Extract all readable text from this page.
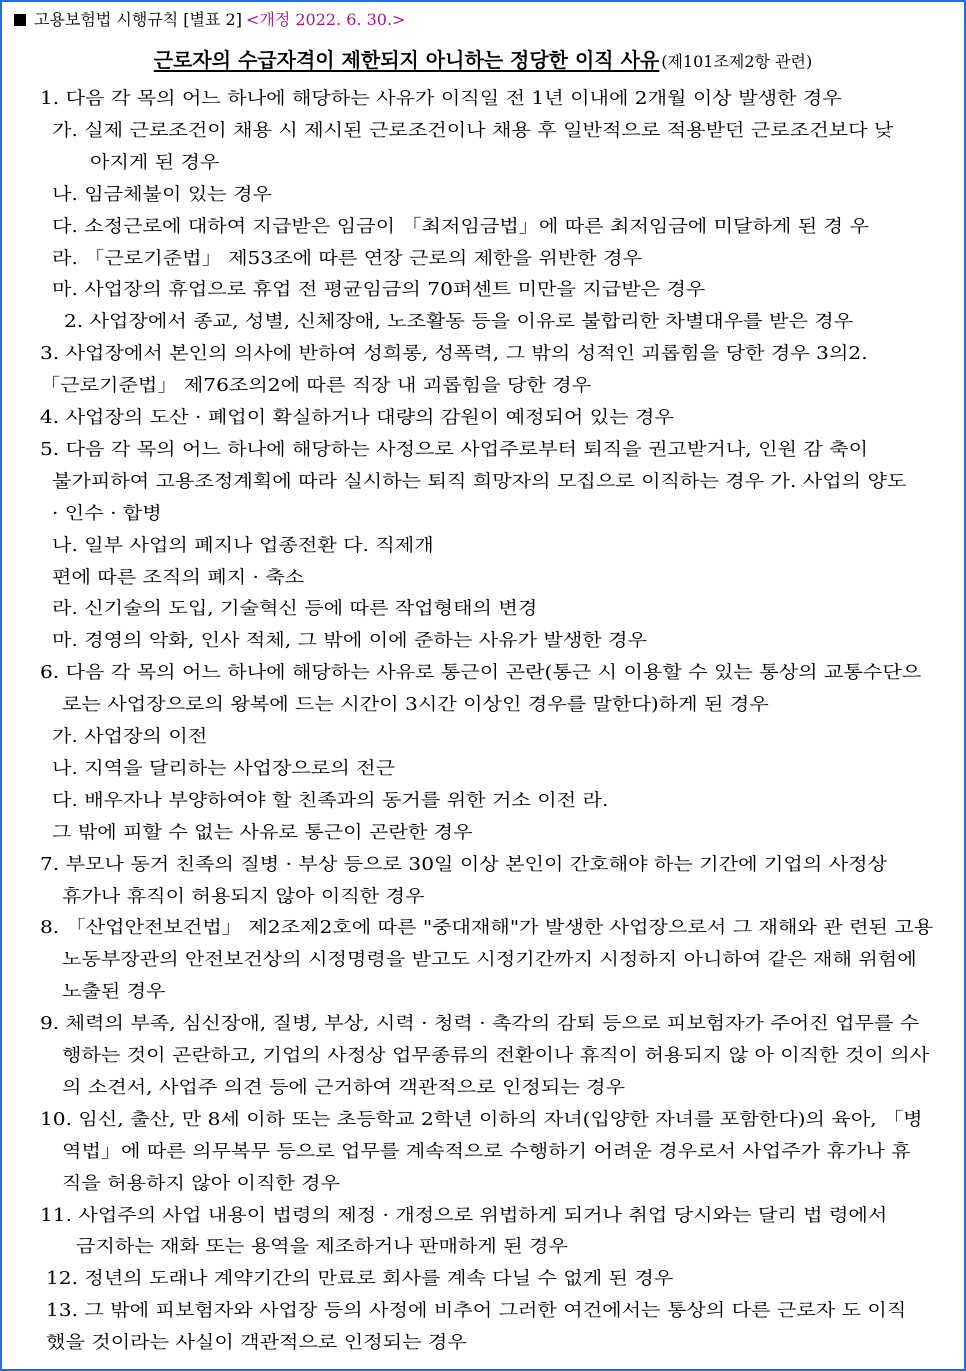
고용보험법 시행규칙 [별표 2] <개정 2022. 6. 30.>
근로자의 수급자격이 제한되지 아니하는 정당한 이직 사유 (제101조제2항 관련)
1. 다음 각 목의 어느 하나에 해당하는 사유가 이직일 전 1년 이내에 2개월 이상 발생한 경우
가. 실제 근로조건이 채용 시 제시된 근로조건이나 채용 후 일반적으로 적용받던 근로조건보다 낮
아지게 된 경우
나. 임금체불이 있는 경우
다. 소정근로에 대하여 지급받은 임금이 「최저임금법」에 따른 최저임금에 미달하게 된 경 우
라. 「근로기준법」 제53조에 따른 연장 근로의 제한을 위반한 경우
마. 사업장의 휴업으로 휴업 전 평균임금의 70퍼센트 미만을 지급받은 경우
2. 사업장에서 종교, 성별, 신체장애, 노조활동 등을 이유로 불합리한 차별대우를 받은 경우
3. 사업장에서 본인의 의사에 반하여 성희롱, 성폭력, 그 밖의 성적인 괴롭힘을 당한 경우 3의2.
「근로기준법」 제76조의2에 따른 직장 내 괴롭힘을 당한 경우
4. 사업장의 도산 · 폐업이 확실하거나 대량의 감원이 예정되어 있는 경우
5. 다음 각 목의 어느 하나에 해당하는 사정으로 사업주로부터 퇴직을 권고받거나, 인원 감 축이
불가피하여 고용조정계획에 따라 실시하는 퇴직 희망자의 모집으로 이직하는 경우 가. 사업의 양도
· 인수 · 합병
나. 일부 사업의 폐지나 업종전환 다. 직제개
편에 따른 조직의 폐지 · 축소
라. 신기술의 도입, 기술혁신 등에 따른 작업형태의 변경
마. 경영의 악화, 인사 적체, 그 밖에 이에 준하는 사유가 발생한 경우
6. 다음 각 목의 어느 하나에 해당하는 사유로 통근이 곤란(통근 시 이용할 수 있는 통상의 교통수단으
로는 사업장으로의 왕복에 드는 시간이 3시간 이상인 경우를 말한다)하게 된 경우
가. 사업장의 이전
나. 지역을 달리하는 사업장으로의 전근
다. 배우자나 부양하여야 할 친족과의 동거를 위한 거소 이전 라.
그 밖에 피할 수 없는 사유로 통근이 곤란한 경우
7. 부모나 동거 친족의 질병 · 부상 등으로 30일 이상 본인이 간호해야 하는 기간에 기업의 사정상
휴가나 휴직이 허용되지 않아 이직한 경우
8. 「산업안전보건법」 제2조제2호에 따른 "중대재해"가 발생한 사업장으로서 그 재해와 관 련된 고용
노동부장관의 안전보건상의 시정명령을 받고도 시정기간까지 시정하지 아니하여 같은 재해 위험에
노출된 경우
9. 체력의 부족, 심신장애, 질병, 부상, 시력 · 청력 · 촉각의 감퇴 등으로 피보험자가 주어진 업무를 수
행하는 것이 곤란하고, 기업의 사정상 업무종류의 전환이나 휴직이 허용되지 않 아 이직한 것이 의사
의 소견서, 사업주 의견 등에 근거하여 객관적으로 인정되는 경우
10. 임신, 출산, 만 8세 이하 또는 초등학교 2학년 이하의 자녀(입양한 자녀를 포함한다)의 육아, 「병
역법」에 따른 의무복무 등으로 업무를 계속적으로 수행하기 어려운 경우로서 사업주가 휴가나 휴
직을 허용하지 않아 이직한 경우
11. 사업주의 사업 내용이 법령의 제정 · 개정으로 위법하게 되거나 취업 당시와는 달리 법 령에서
금지하는 재화 또는 용역을 제조하거나 판매하게 된 경우
12. 정년의 도래나 계약기간의 만료로 회사를 계속 다닐 수 없게 된 경우
13. 그 밖에 피보험자와 사업장 등의 사정에 비추어 그러한 여건에서는 통상의 다른 근로자 도 이직
했을 것이라는 사실이 객관적으로 인정되는 경우
